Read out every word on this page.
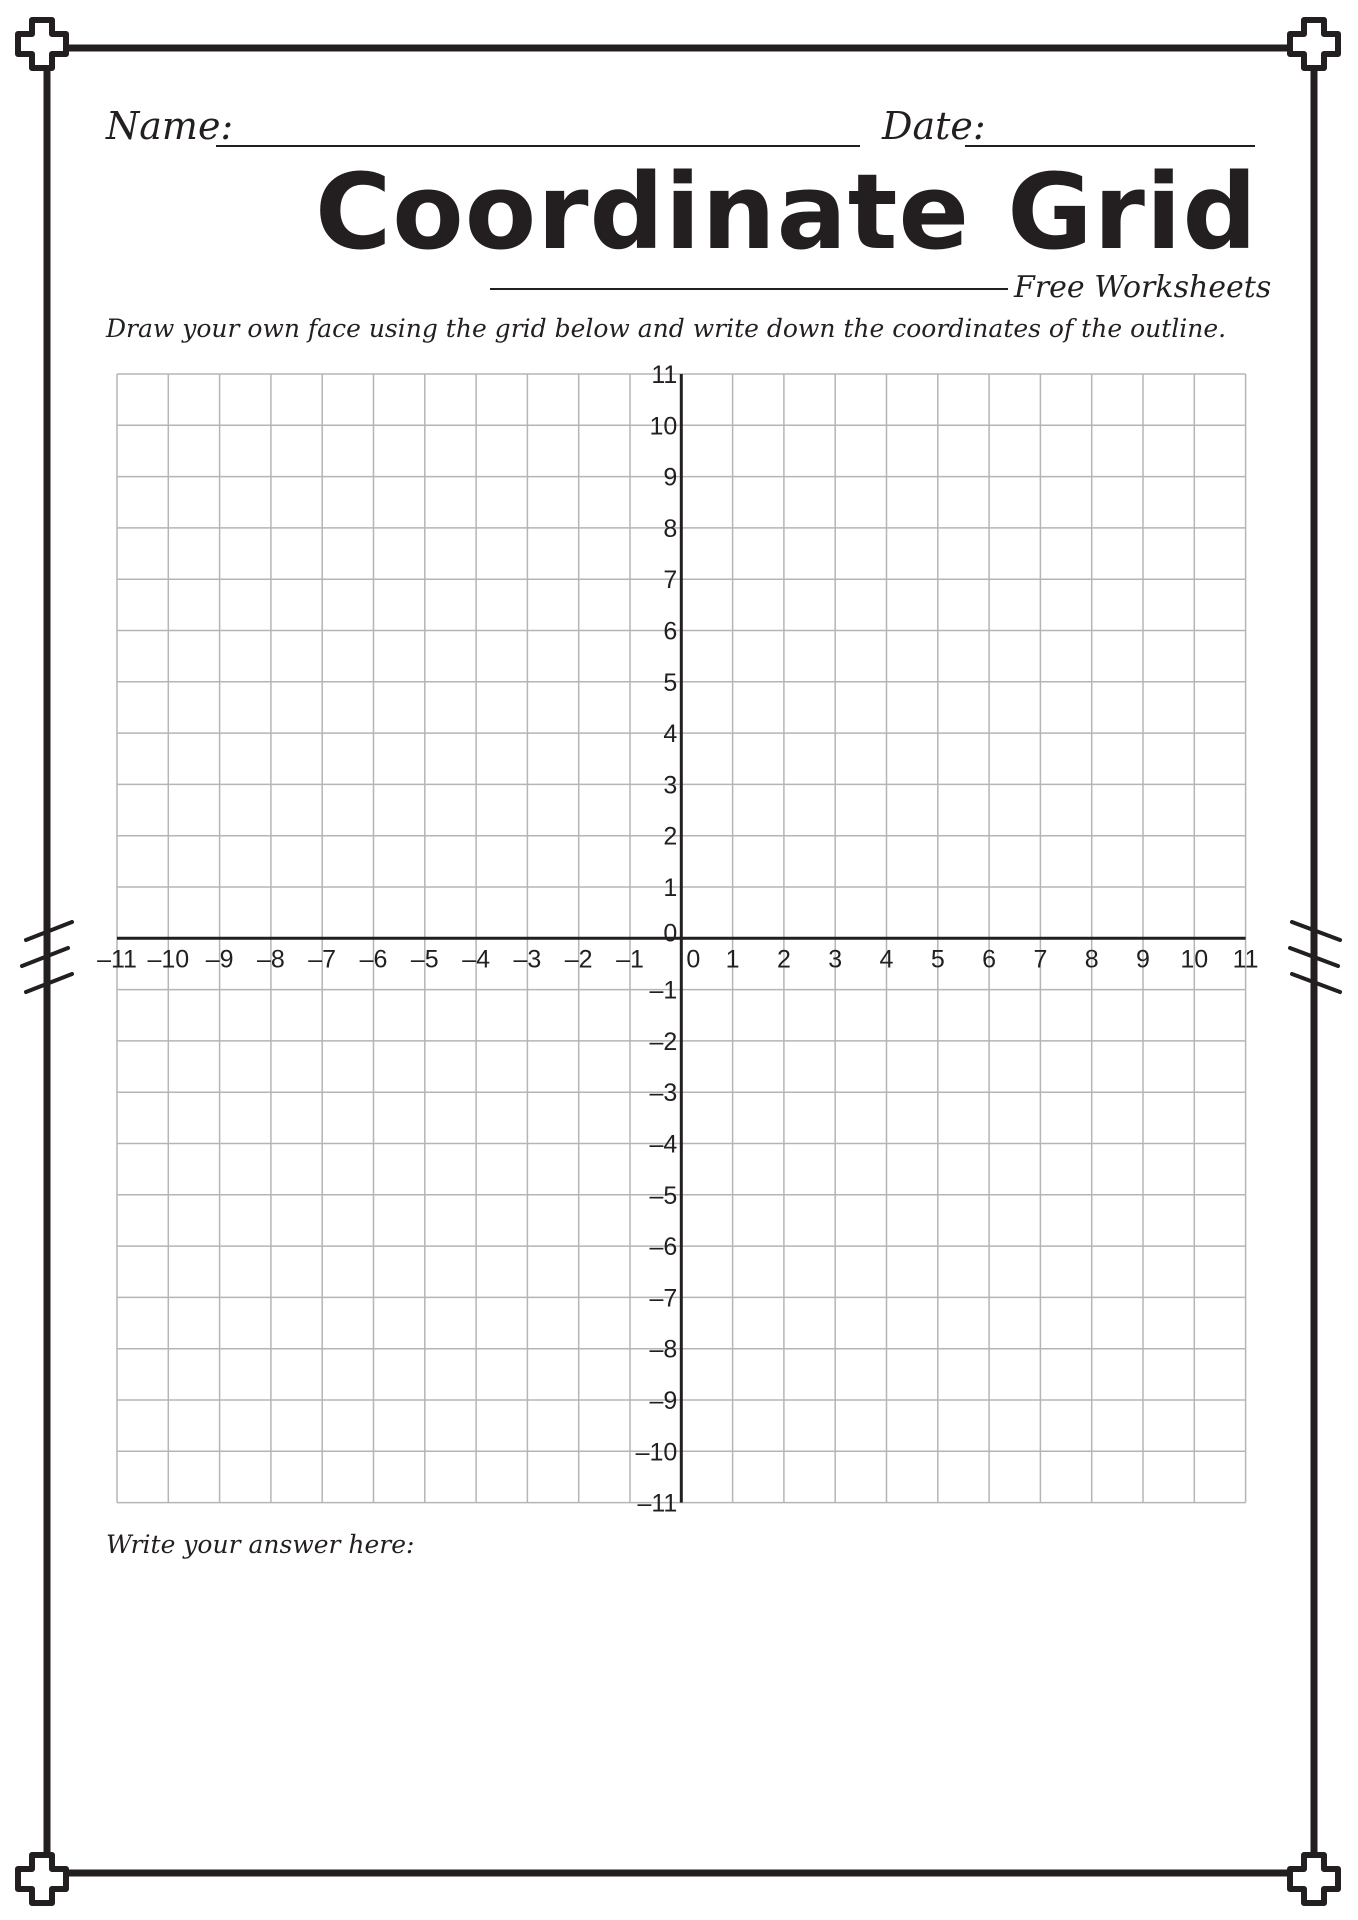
Name:	Date:
Coordinate Grid
Free Worksheets
Draw your own face using the grid below and write down the coordinates of the outline.
–11 –10 –9 –8 –7 –6 –5 –4 –3 –2 –1 0 1 2 3 4 5 6 7 8 9 10 11
11
10
9
8
7
6
5
4
3
2
1
0
–1
–2
–3
–4
–5
–6
–7
–8
–9
–10
–11
Write your answer here:
